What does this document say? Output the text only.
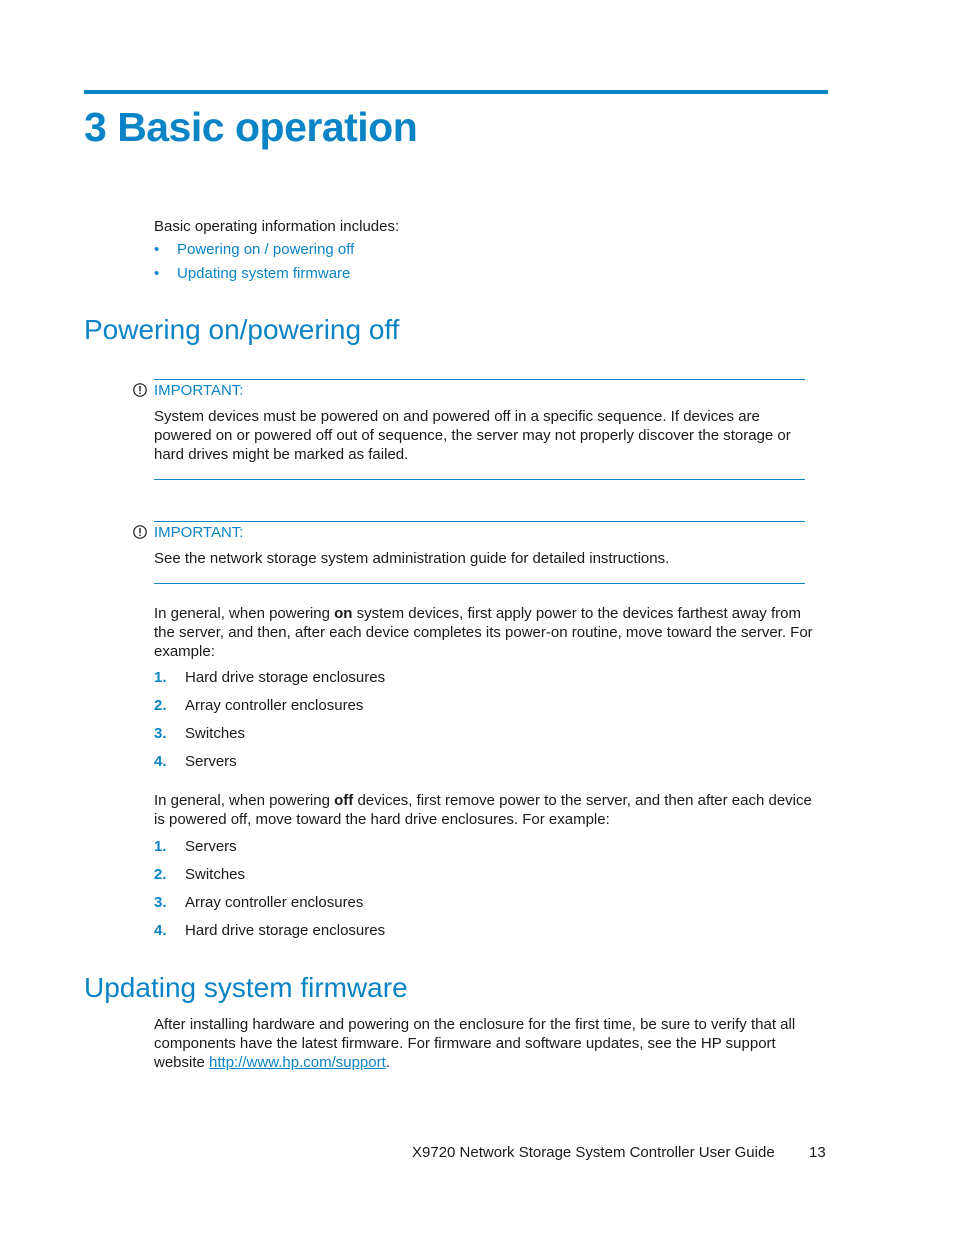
3 Basic operation
Basic operating information includes:
• Powering on / powering off
• Updating system firmware
Powering on/powering off
IMPORTANT:
System devices must be powered on and powered off in a specific sequence. If devices are powered on or powered off out of sequence, the server may not properly discover the storage or hard drives might be marked as failed.
IMPORTANT:
See the network storage system administration guide for detailed instructions.
In general, when powering on system devices, first apply power to the devices farthest away from the server, and then, after each device completes its power-on routine, move toward the server. For example:
1. Hard drive storage enclosures
2. Array controller enclosures
3. Switches
4. Servers
In general, when powering off devices, first remove power to the server, and then after each device is powered off, move toward the hard drive enclosures. For example:
1. Servers
2. Switches
3. Array controller enclosures
4. Hard drive storage enclosures
Updating system firmware
After installing hardware and powering on the enclosure for the first time, be sure to verify that all components have the latest firmware. For firmware and software updates, see the HP support website http://www.hp.com/support.
X9720 Network Storage System Controller User Guide 13
